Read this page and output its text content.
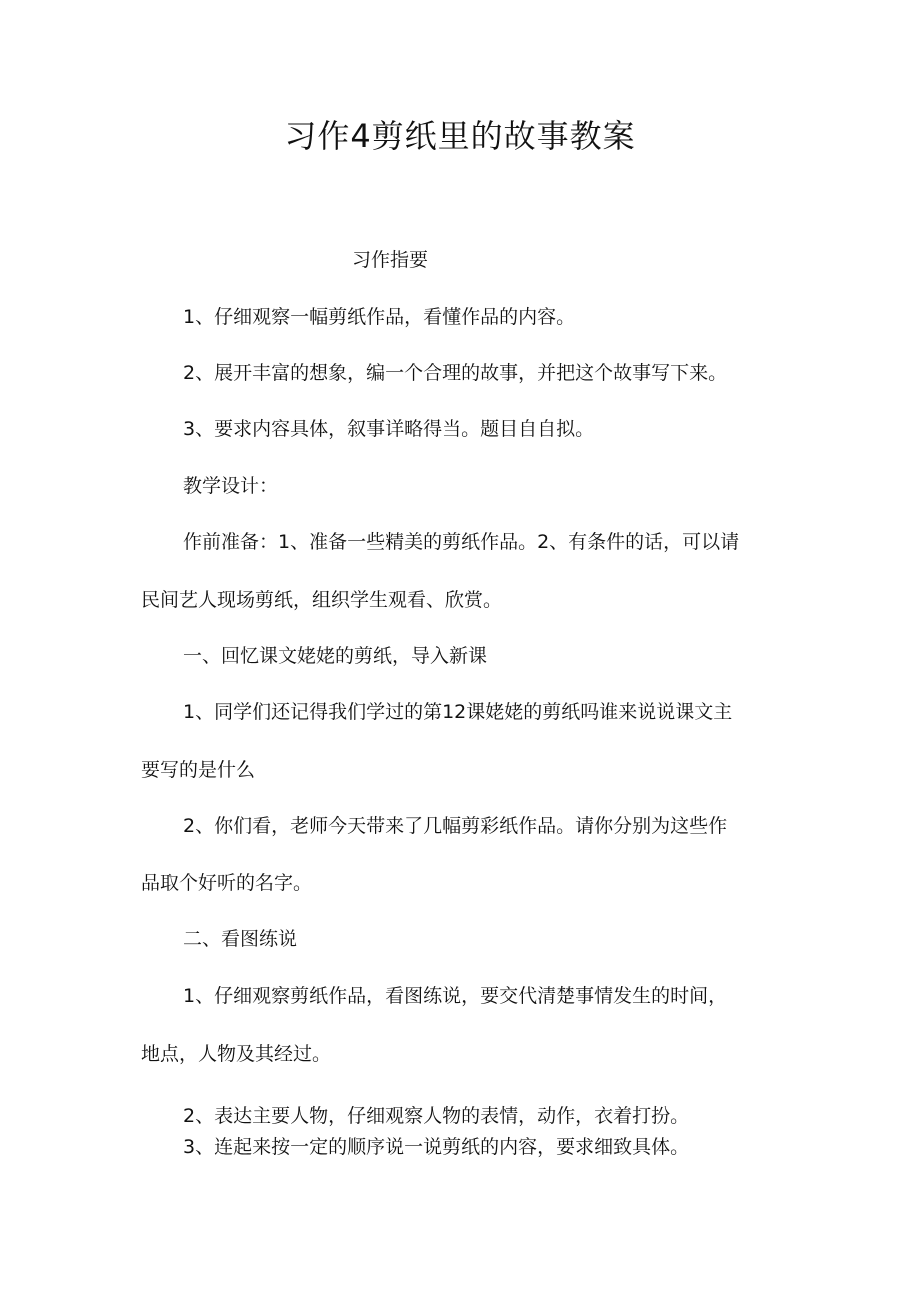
习作4剪纸里的故事教案
习作指要
1、仔细观察一幅剪纸作品，看懂作品的内容。
2、展开丰富的想象，编一个合理的故事，并把这个故事写下来。
3、要求内容具体，叙事详略得当。题目自自拟。
教学设计：
作前准备：1、准备一些精美的剪纸作品。2、有条件的话，可以请
民间艺人现场剪纸，组织学生观看、欣赏。
一、回忆课文姥姥的剪纸，导入新课
1、同学们还记得我们学过的第12课姥姥的剪纸吗谁来说说课文主
要写的是什么
2、你们看，老师今天带来了几幅剪彩纸作品。请你分别为这些作
品取个好听的名字。
二、看图练说
1、仔细观察剪纸作品，看图练说，要交代清楚事情发生的时间，
地点，人物及其经过。
2、表达主要人物，仔细观察人物的表情，动作，衣着打扮。
3、连起来按一定的顺序说一说剪纸的内容，要求细致具体。
